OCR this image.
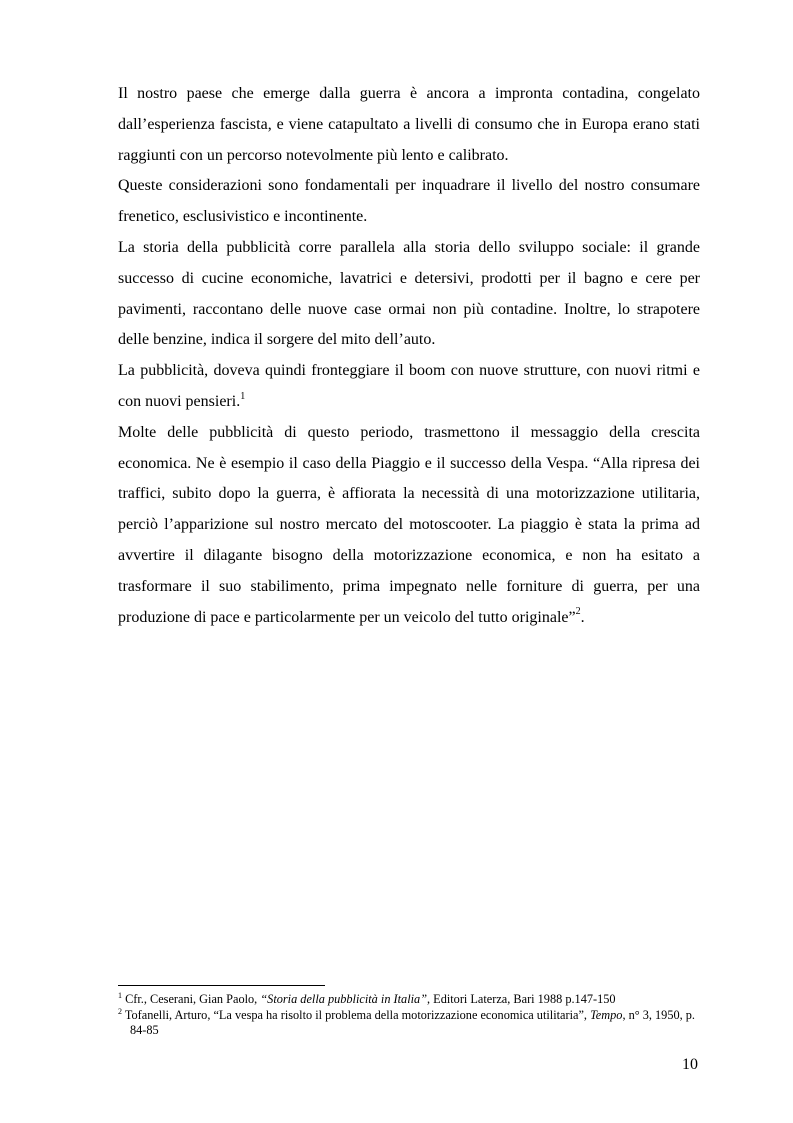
Il nostro paese che emerge dalla guerra è ancora a impronta contadina, congelato dall’esperienza fascista, e viene catapultato a livelli di consumo che in Europa erano stati raggiunti con un percorso notevolmente più lento e calibrato.

Queste considerazioni sono fondamentali per inquadrare il livello del nostro consumare frenetico, esclusivistico e incontinente.

La storia della pubblicità corre parallela alla storia dello sviluppo sociale: il grande successo di cucine economiche, lavatrici e detersivi, prodotti per il bagno e cere per pavimenti, raccontano delle nuove case ormai non più contadine. Inoltre, lo strapotere delle benzine, indica il sorgere del mito dell’auto.

La pubblicità, doveva quindi fronteggiare il boom con nuove strutture, con nuovi ritmi e con nuovi pensieri.$^1$

Molte delle pubblicità di questo periodo, trasmettono il messaggio della crescita economica. Ne è esempio il caso della Piaggio e il successo della Vespa. “Alla ripresa dei traffici, subito dopo la guerra, è affiorata la necessità di una motorizzazione utilitaria, perciò l’apparizione sul nostro mercato del motoscooter. La piaggio è stata la prima ad avvertire il dilagante bisogno della motorizzazione economica, e non ha esitato a trasformare il suo stabilimento, prima impegnato nelle forniture di guerra, per una produzione di pace e particolarmente per un veicolo del tutto originale”$^2$.

$^1$ Cfr., Ceserani, Gian Paolo, “Storia della pubblicità in Italia”, Editori Laterza, Bari 1988 p.147-150

$^2$ Tofanelli, Arturo, “La vespa ha risolto il problema della motorizzazione economica utilitaria”, Tempo, n° 3, 1950, p. 84-85

10
